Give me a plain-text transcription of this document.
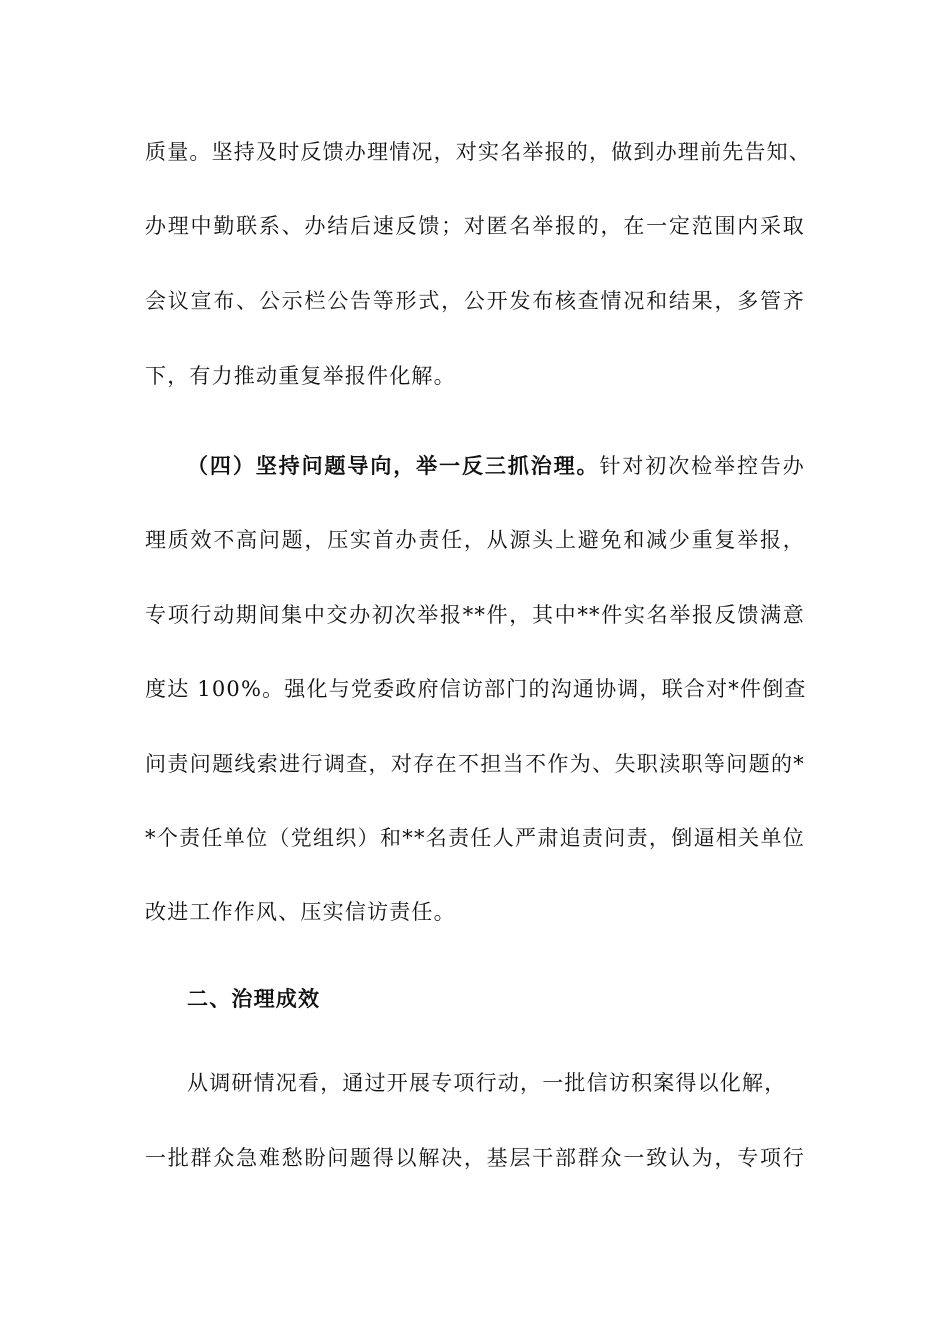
质量。坚持及时反馈办理情况，对实名举报的，做到办理前先告知、
办理中勤联系、办结后速反馈；对匿名举报的，在一定范围内采取
会议宣布、公示栏公告等形式，公开发布核查情况和结果，多管齐
下，有力推动重复举报件化解。
（四）坚持问题导向，举一反三抓治理。针对初次检举控告办
理质效不高问题，压实首办责任，从源头上避免和减少重复举报，
专项行动期间集中交办初次举报**件，其中**件实名举报反馈满意
度达 100%。强化与党委政府信访部门的沟通协调，联合对*件倒查
问责问题线索进行调查，对存在不担当不作为、失职渎职等问题的*
*个责任单位（党组织）和**名责任人严肃追责问责，倒逼相关单位
改进工作作风、压实信访责任。
二、治理成效
从调研情况看，通过开展专项行动，一批信访积案得以化解，
一批群众急难愁盼问题得以解决，基层干部群众一致认为，专项行
